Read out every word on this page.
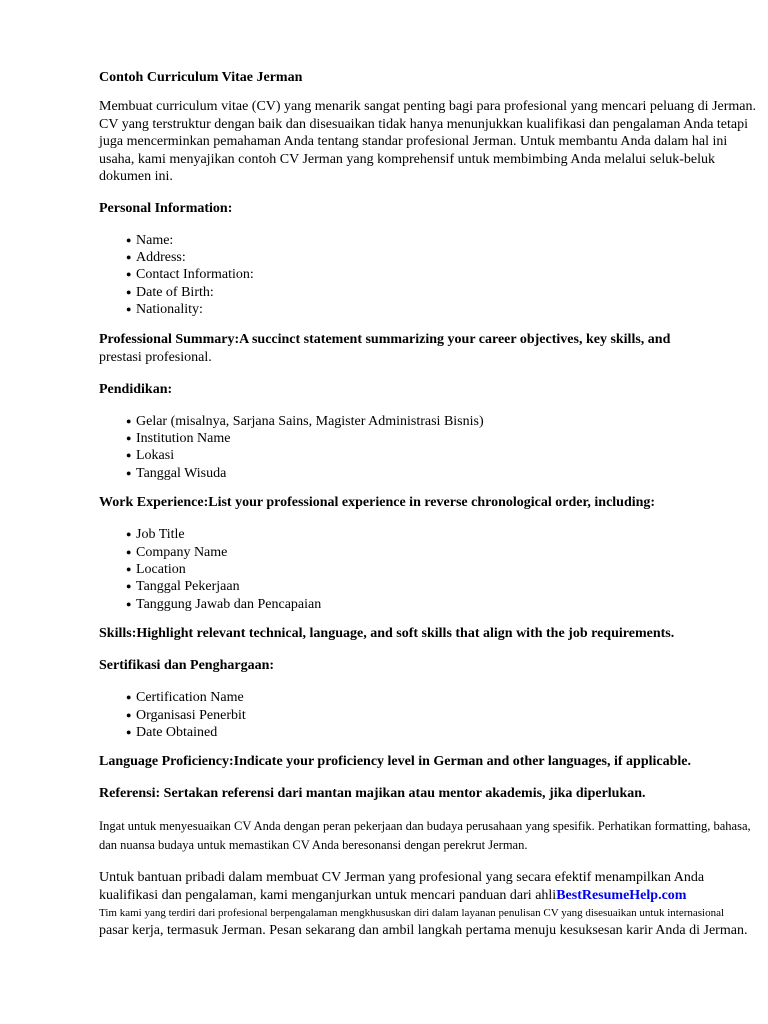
Contoh Curriculum Vitae Jerman

Membuat curriculum vitae (CV) yang menarik sangat penting bagi para profesional yang mencari peluang di Jerman. CV yang terstruktur dengan baik dan disesuaikan tidak hanya menunjukkan kualifikasi dan pengalaman Anda tetapi juga mencerminkan pemahaman Anda tentang standar profesional Jerman. Untuk membantu Anda dalam hal ini
usaha, kami menyajikan contoh CV Jerman yang komprehensif untuk membimbing Anda melalui seluk-beluk dokumen ini.

Personal Information:
● Name:
● Address:
● Contact Information:
● Date of Birth:
● Nationality:
Professional Summary:A succinct statement summarizing your career objectives, key skills, and
prestasi profesional.
Pendidikan:
● Gelar (misalnya, Sarjana Sains, Magister Administrasi Bisnis)
● Institution Name
● Lokasi
● Tanggal Wisuda
Work Experience:List your professional experience in reverse chronological order, including:
● Job Title
● Company Name
● Location
● Tanggal Pekerjaan
● Tanggung Jawab dan Pencapaian
Skills:Highlight relevant technical, language, and soft skills that align with the job requirements.
Sertifikasi dan Penghargaan:
● Certification Name
● Organisasi Penerbit
● Date Obtained
Language Proficiency:Indicate your proficiency level in German and other languages, if applicable.
Referensi: Sertakan referensi dari mantan majikan atau mentor akademis, jika diperlukan.

Ingat untuk menyesuaikan CV Anda dengan peran pekerjaan dan budaya perusahaan yang spesifik. Perhatikan formatting, bahasa, dan nuansa budaya untuk memastikan CV Anda beresonansi dengan perekrut Jerman.

Untuk bantuan pribadi dalam membuat CV Jerman yang profesional yang secara efektif menampilkan Anda kualifikasi dan pengalaman, kami menganjurkan untuk mencari panduan dari ahliBestResumeHelp.com
Tim kami yang terdiri dari profesional berpengalaman mengkhususkan diri dalam layanan penulisan CV yang disesuaikan untuk internasional
pasar kerja, termasuk Jerman. Pesan sekarang dan ambil langkah pertama menuju kesuksesan karir Anda di Jerman.
